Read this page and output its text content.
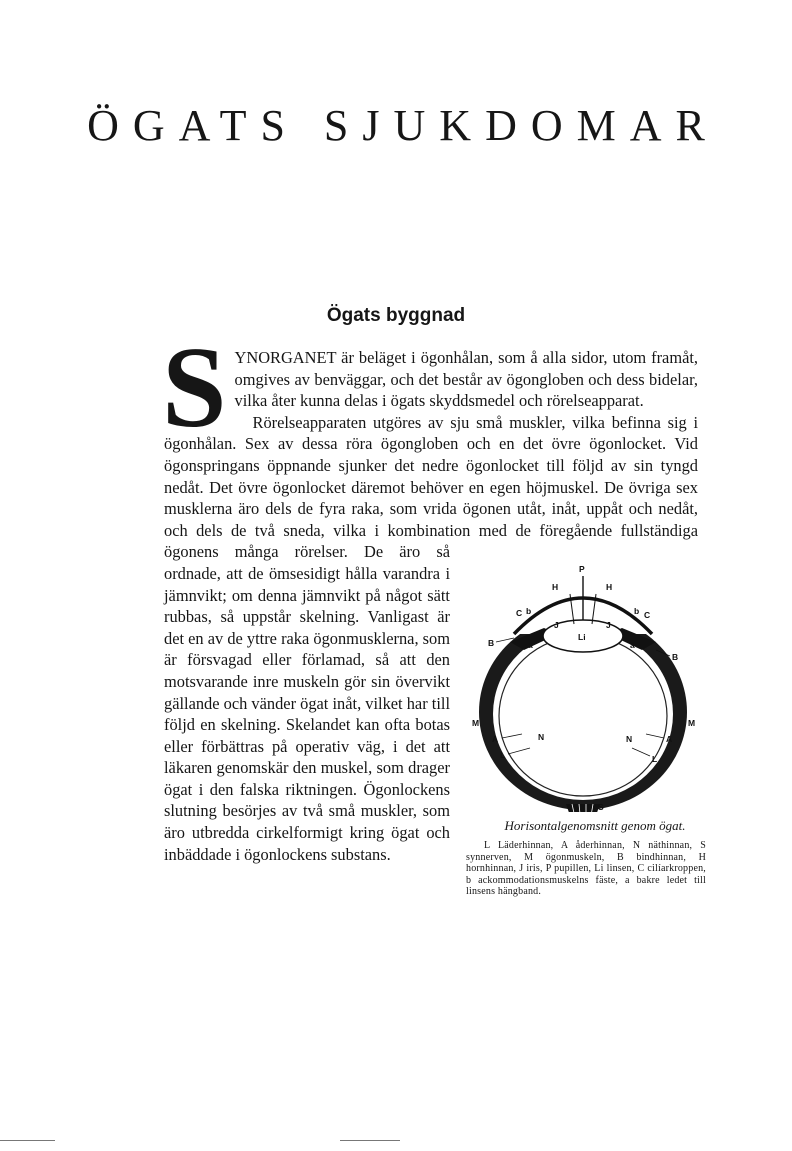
ÖGATS SJUKDOMAR
Ögats byggnad

SYNORGANET är beläget i ögonhålan, som å alla sidor, utom framåt, omgives av benväggar, och det består av ögongloben och dess bidelar, vilka åter kunna delas i ögats skyddsmedel och rörelseapparat.

Rörelseapparaten utgöres av sju små muskler, vilka befinna sig i ögonhålan. Sex av dessa röra ögongloben och en det övre ögonlocket. Vid ögonspringans öppnande sjunker det nedre ögonlocket till följd av sin tyngd nedåt. Det övre ögonlocket däremot behöver en egen höjmuskel. De övriga sex musklerna äro dels de fyra raka, som vrida ögonen utåt, inåt, uppåt och nedåt, och dels de två sneda, vilka i kombination med de föregående fullständiga ögonens många
P
H	H
C b	b C
J	J
Li
a	a
B
B
M	M
A	A
N	N
L	L
S
Horisontalgenomsnitt genom ögat.
L Läderhinnan, A åderhinnan, N näthinnan, S synnerven, M ögonmuskeln, B bindhinnan, H hornhinnan, J iris, P pupillen, Li linsen, C cilíarkroppen, b ackommodationsmuskelns fäste, a bakre ledet till linsens hängband.
rörelser. De äro så ordnade, att de ömsesidigt hålla varandra i jämnvikt; om denna jämnvikt på något sätt rubbas, så uppstår skelning. Vanligast är det en av de yttre raka ögonmusklerna, som är försvagad eller förlamad, så att den motsvarande inre muskeln gör sin övervikt gällande och vänder ögat inåt, vilket har till följd en skelning. Skelandet kan ofta botas eller förbättras på operativ väg, i det att läkaren genomskär den muskel, som drager ögat i den falska riktningen. Ögonlockens slutning besörjes av två små muskler, som äro utbredda cirkelformigt kring ögat och inbäddade i ögonlockens substans.
